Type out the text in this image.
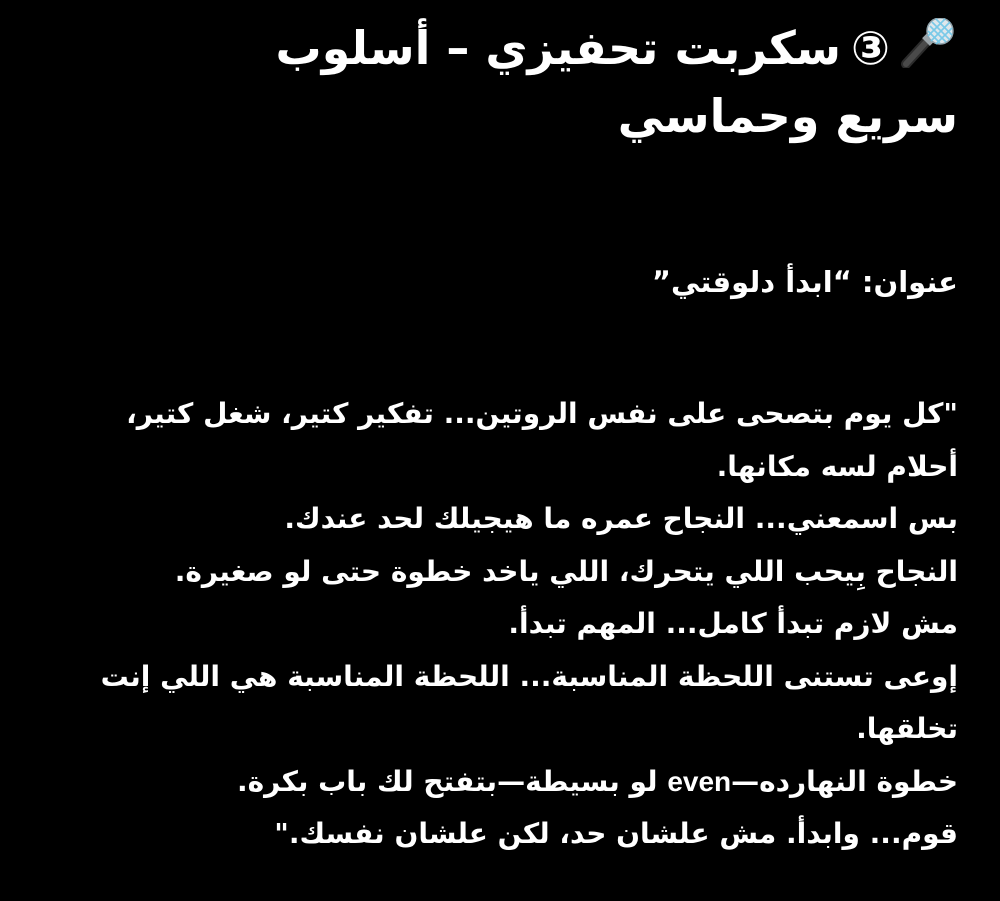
③سكربت تحفيزي – أسلوب
سريع وحماسي

عنوان: “ابدأ دلوقتي”

"كل يوم بتصحى على نفس الروتين... تفكير كتير، شغل كتير،
أحلام لسه مكانها.
بس اسمعني... النجاح عمره ما هيجيلك لحد عندك.
النجاح بِيحب اللي يتحرك، اللي ياخد خطوة حتى لو صغيرة.
مش لازم تبدأ كامل... المهم تبدأ.
إوعى تستنى اللحظة المناسبة... اللحظة المناسبة هي اللي إنت
تخلقها.
خطوة النهارده—even لو بسيطة—بتفتح لك باب بكرة.
قوم... وابدأ. مش علشان حد، لكن علشان نفسك."
